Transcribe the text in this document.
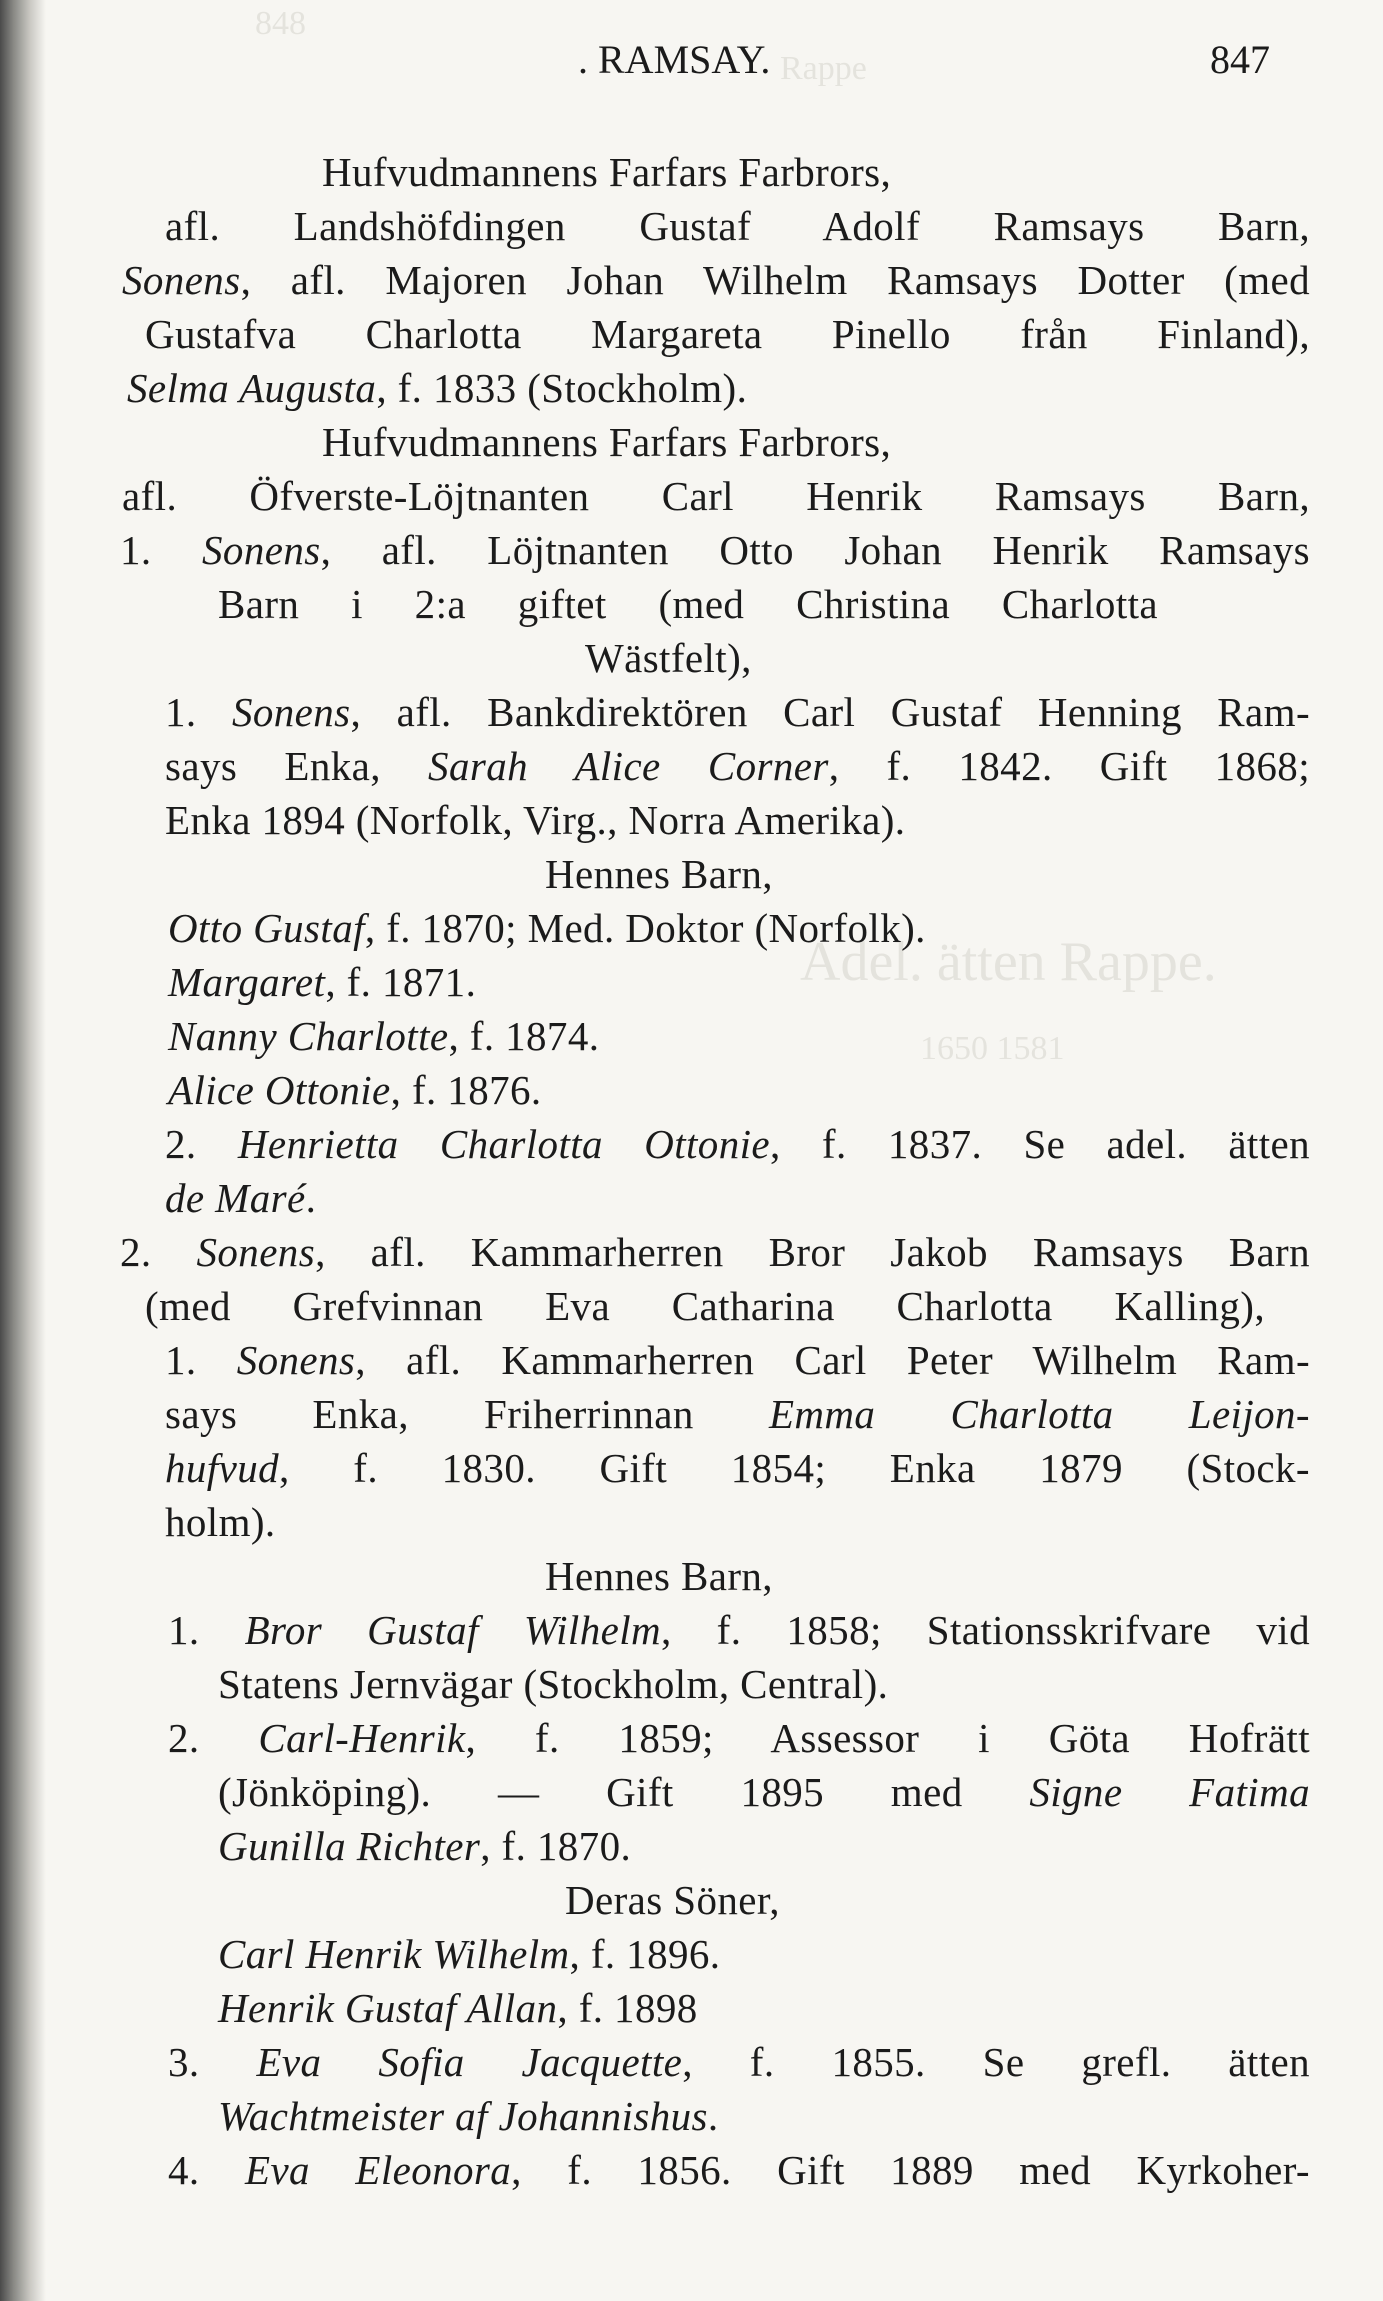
848
Rappe
Adel. ätten Rappe.
1650 1581
. RAMSAY.	847
Hufvudmannens Farfars Farbrors,
afl. Landshöfdingen Gustaf Adolf Ramsays Barn,
Sonens, afl. Majoren Johan Wilhelm Ramsays Dotter (med
Gustafva Charlotta Margareta Pinello från Finland),
Selma Augusta, f. 1833 (Stockholm).
Hufvudmannens Farfars Farbrors,
afl. Öfverste-Löjtnanten Carl Henrik Ramsays Barn,
1. Sonens, afl. Löjtnanten Otto Johan Henrik Ramsays
Barn i 2:a giftet (med Christina Charlotta
Wästfelt),
1. Sonens, afl. Bankdirektören Carl Gustaf Henning Ram-
says Enka, Sarah Alice Corner, f. 1842. Gift 1868;
Enka 1894 (Norfolk, Virg., Norra Amerika).
Hennes Barn,
Otto Gustaf, f. 1870; Med. Doktor (Norfolk).
Margaret, f. 1871.
Nanny Charlotte, f. 1874.
Alice Ottonie, f. 1876.
2. Henrietta Charlotta Ottonie, f. 1837. Se adel. ätten
de Maré.
2. Sonens, afl. Kammarherren Bror Jakob Ramsays Barn
(med Grefvinnan Eva Catharina Charlotta Kalling),
1. Sonens, afl. Kammarherren Carl Peter Wilhelm Ram-
says Enka, Friherrinnan Emma Charlotta Leijon-
hufvud, f. 1830. Gift 1854; Enka 1879 (Stock-
holm).
Hennes Barn,
1. Bror Gustaf Wilhelm, f. 1858; Stationsskrifvare vid
Statens Jernvägar (Stockholm, Central).
2. Carl-Henrik, f. 1859; Assessor i Göta Hofrätt
(Jönköping). — Gift 1895 med Signe Fatima
Gunilla Richter, f. 1870.
Deras Söner,
Carl Henrik Wilhelm, f. 1896.
Henrik Gustaf Allan, f. 1898
3. Eva Sofia Jacquette, f. 1855. Se grefl. ätten
Wachtmeister af Johannishus.
4. Eva Eleonora, f. 1856. Gift 1889 med Kyrkoher-
